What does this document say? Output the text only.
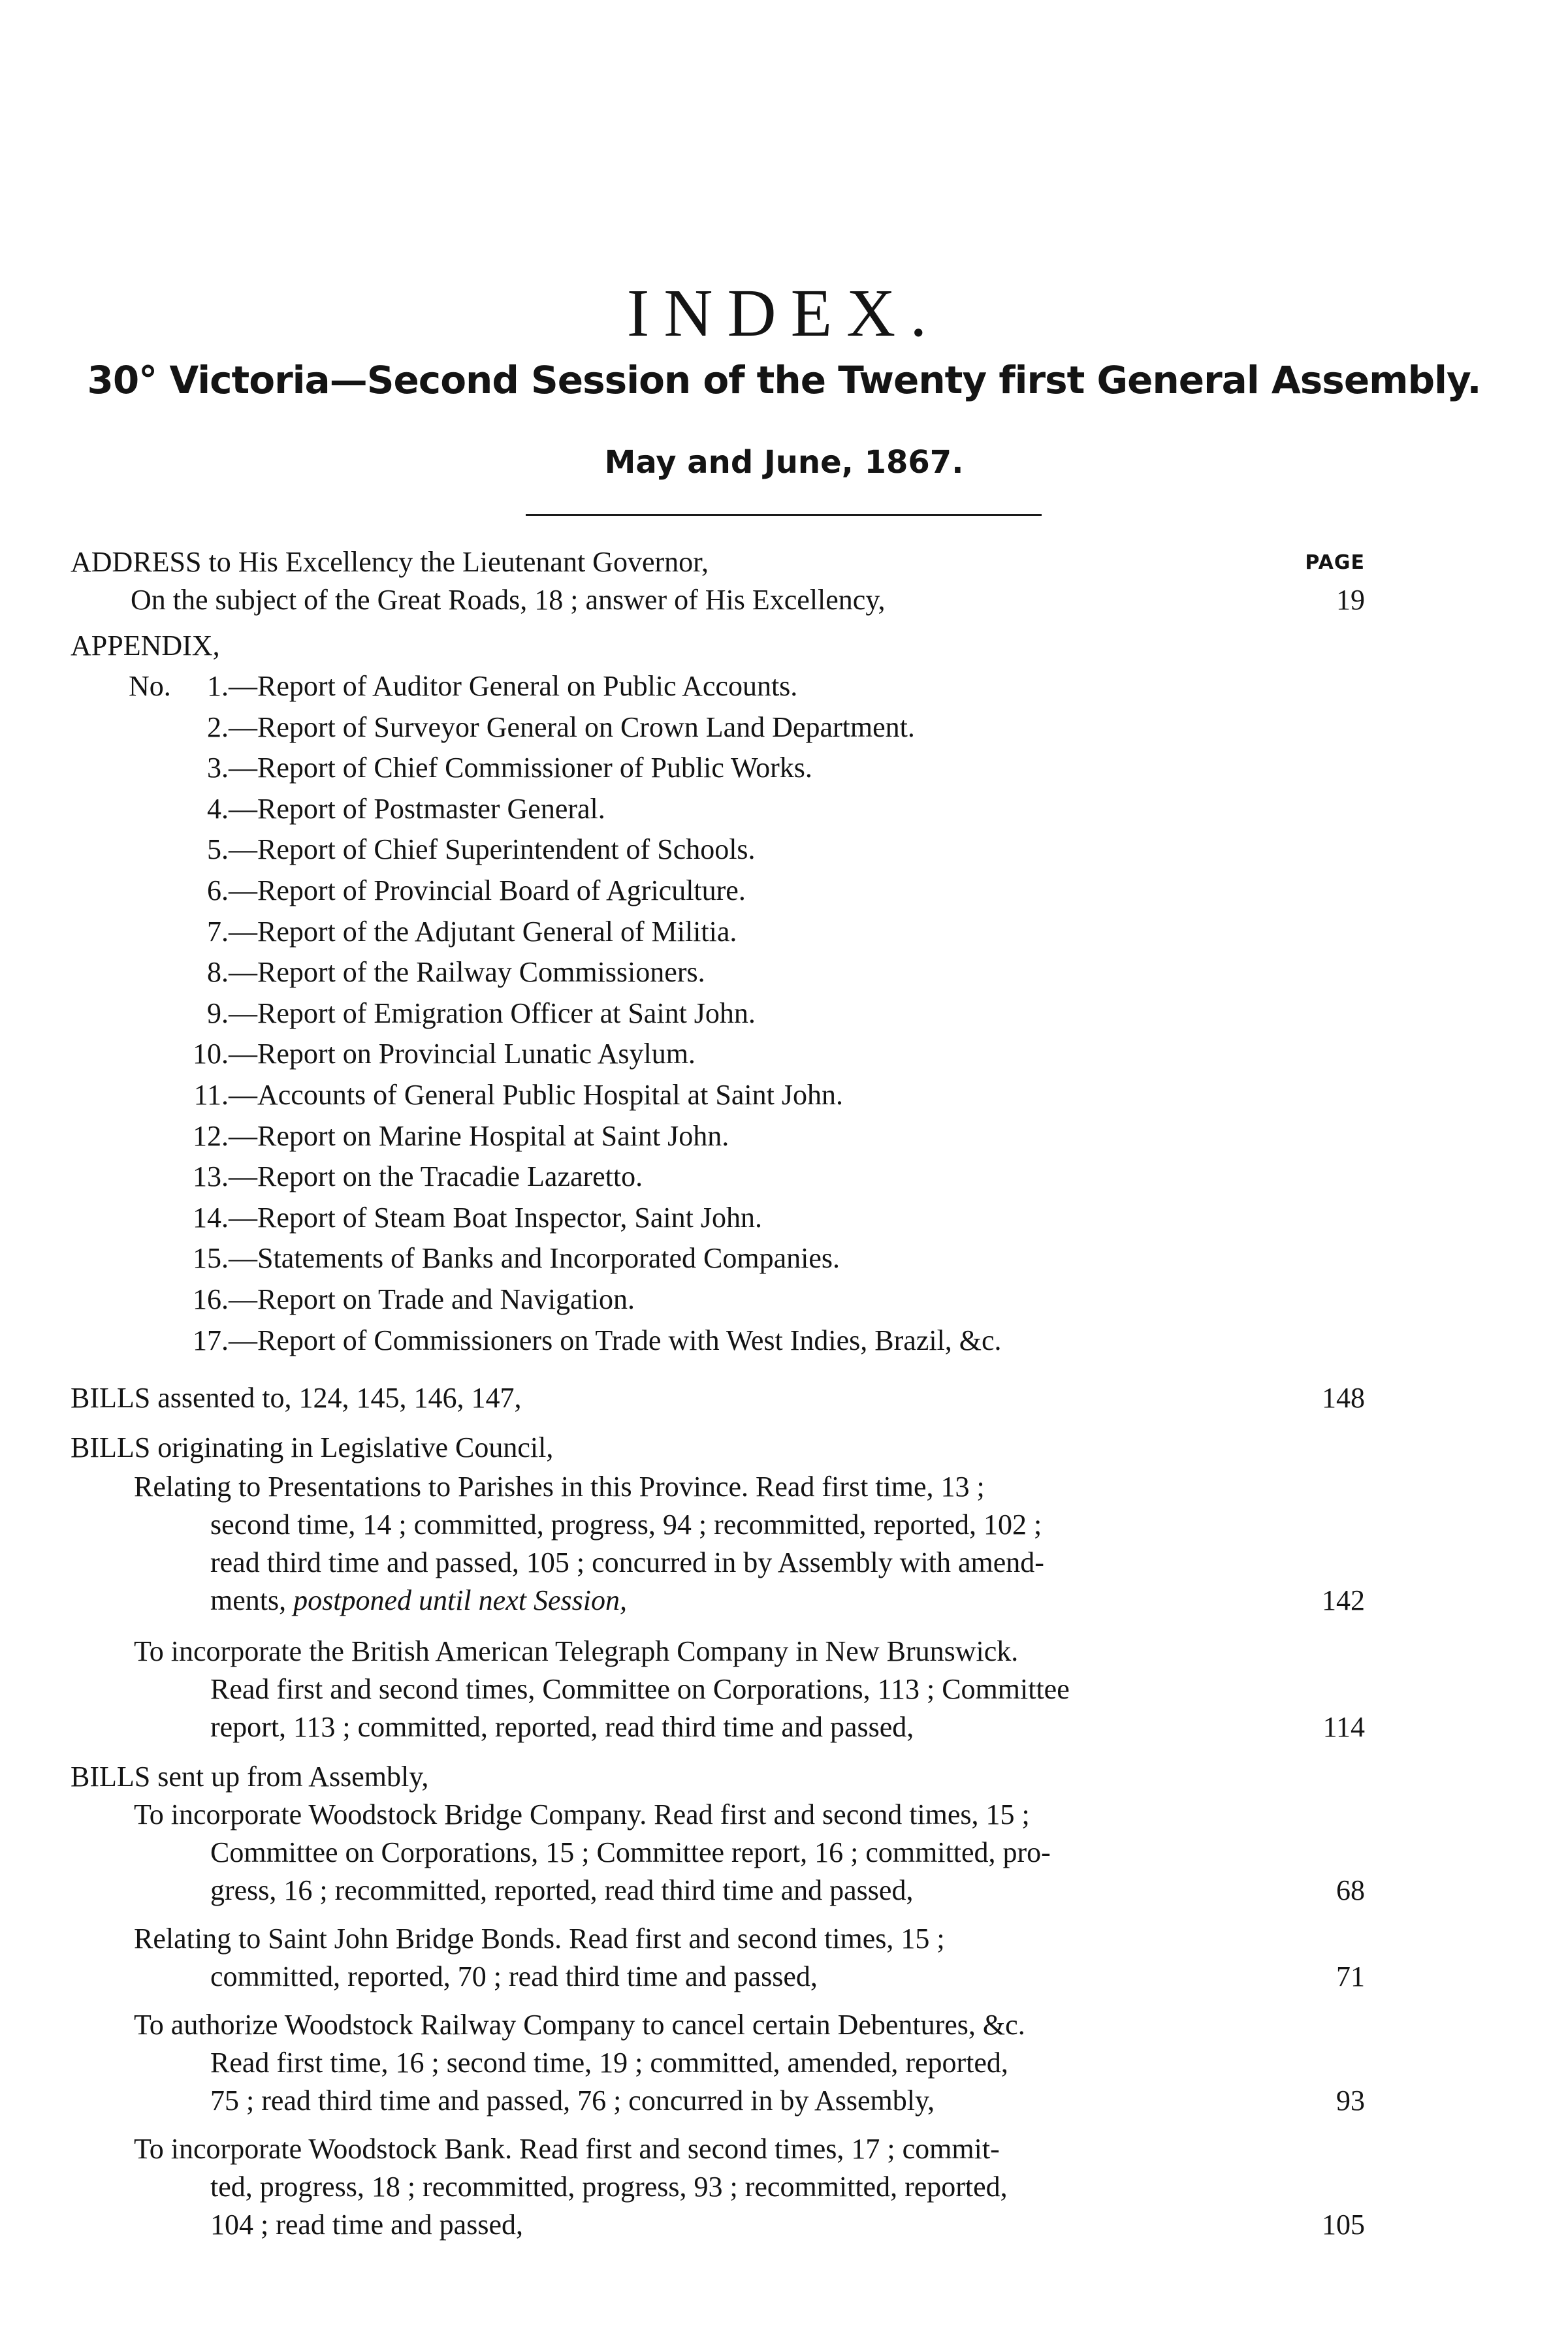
INDEX.
30° Victoria—Second Session of the Twenty first General Assembly.
May and June, 1867.
ADDRESS to His Excellency the Lieutenant Governor,	PAGE
On the subject of the Great Roads, 18 ; answer of His Excellency,	19
APPENDIX,
No.	1.—Report of Auditor General on Public Accounts.
2.—Report of Surveyor General on Crown Land Department.
3.—Report of Chief Commissioner of Public Works.
4.—Report of Postmaster General.
5.—Report of Chief Superintendent of Schools.
6.—Report of Provincial Board of Agriculture.
7.—Report of the Adjutant General of Militia.
8.—Report of the Railway Commissioners.
9.—Report of Emigration Officer at Saint John.
10.—Report on Provincial Lunatic Asylum.
11.—Accounts of General Public Hospital at Saint John.
12.—Report on Marine Hospital at Saint John.
13.—Report on the Tracadie Lazaretto.
14.—Report of Steam Boat Inspector, Saint John.
15.—Statements of Banks and Incorporated Companies.
16.—Report on Trade and Navigation.
17.—Report of Commissioners on Trade with West Indies, Brazil, &c.
BILLS assented to, 124, 145, 146, 147,	148
BILLS originating in Legislative Council,
Relating to Presentations to Parishes in this Province. Read first time, 13 ;
second time, 14 ; committed, progress, 94 ; recommitted, reported, 102 ;
read third time and passed, 105 ; concurred in by Assembly with amend-
ments, postponed until next Session,	142
To incorporate the British American Telegraph Company in New Brunswick.
Read first and second times, Committee on Corporations, 113 ; Committee
report, 113 ; committed, reported, read third time and passed,	114
BILLS sent up from Assembly,
To incorporate Woodstock Bridge Company. Read first and second times, 15 ;
Committee on Corporations, 15 ; Committee report, 16 ; committed, pro-
gress, 16 ; recommitted, reported, read third time and passed,	68
Relating to Saint John Bridge Bonds. Read first and second times, 15 ;
committed, reported, 70 ; read third time and passed,	71
To authorize Woodstock Railway Company to cancel certain Debentures, &c.
Read first time, 16 ; second time, 19 ; committed, amended, reported,
75 ; read third time and passed, 76 ; concurred in by Assembly,	93
To incorporate Woodstock Bank. Read first and second times, 17 ; commit-
ted, progress, 18 ; recommitted, progress, 93 ; recommitted, reported,
104 ; read time and passed,	105
